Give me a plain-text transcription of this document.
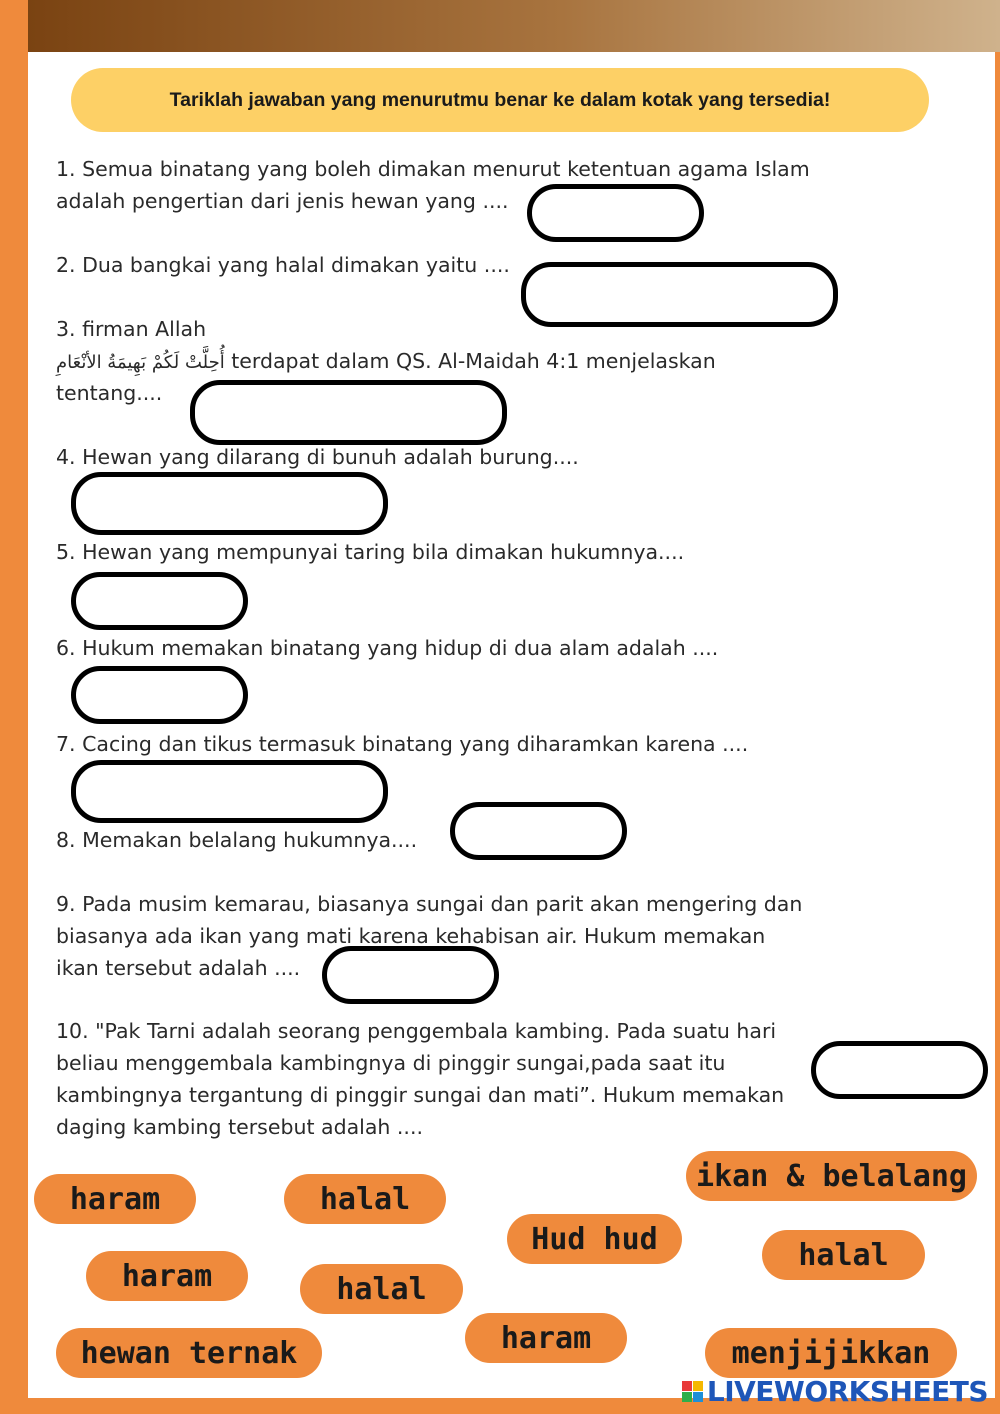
Tariklah jawaban yang menurutmu benar ke dalam kotak yang tersedia!
1. Semua binatang yang boleh dimakan menurut ketentuan agama Islam
adalah pengertian dari jenis hewan yang ....
2. Dua bangkai yang halal dimakan yaitu ....
3. firman Allah
أُحِلَّتْ لَكُمْ بَهِيمَةُ الأنْعَامِ terdapat dalam QS. Al-Maidah 4:1 menjelaskan
tentang....
4. Hewan yang dilarang di bunuh adalah burung....
5. Hewan yang mempunyai taring bila dimakan hukumnya....
6. Hukum memakan binatang yang hidup di dua alam adalah ....
7. Cacing dan tikus termasuk binatang yang diharamkan karena ....
8. Memakan belalang hukumnya....
9. Pada musim kemarau, biasanya sungai dan parit akan mengering dan
biasanya ada ikan yang mati karena kehabisan air. Hukum memakan
ikan tersebut adalah ....
10. "Pak Tarni adalah seorang penggembala kambing. Pada suatu hari
beliau menggembala kambingnya di pinggir sungai,pada saat itu
kambingnya tergantung di pinggir sungai dan mati”. Hukum memakan
daging kambing tersebut adalah ....
haram	halal
ikan & belalang
Hud hud	halal
haram	halal
haram
hewan ternak	menjijikkan
LIVEWORKSHEETS
